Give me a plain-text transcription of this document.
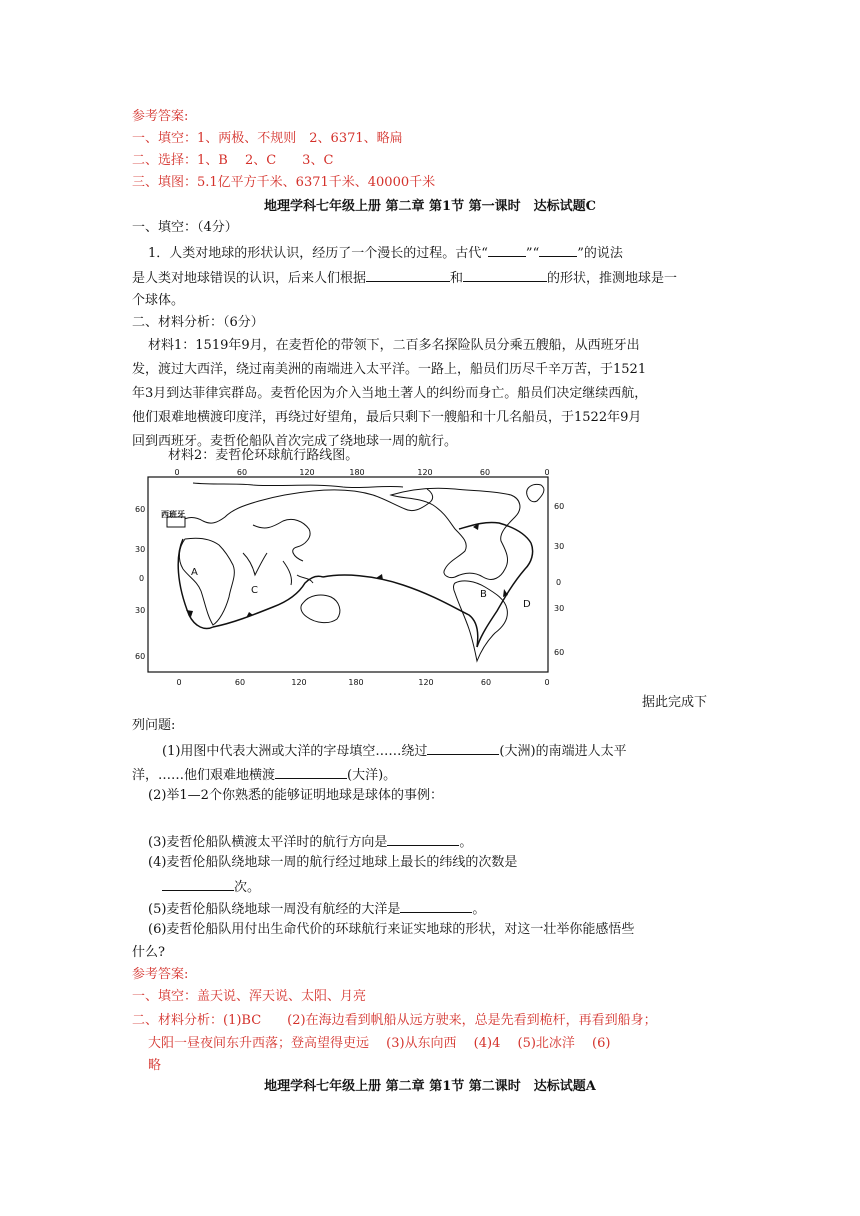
参考答案:
一、填空：1、两极、不规则　2、6371、略扁
二、选择：1、B　 2、C　　3、C
三、填图：5.1亿平方千米、6371千米、40000千米
地理学科七年级上册 第二章 第1节 第一课时　达标试题C
一、填空：（4分）
1．人类对地球的形状认识，经历了一个漫长的过程。古代“	”“	”的说法
是人类对地球错误的认识，后来人们根据	和	的形状，推测地球是一
个球体。
二、材料分析：（6分）
材料1：1519年9月，在麦哲伦的带领下，二百多名探险队员分乘五艘船，从西班牙出
发，渡过大西洋，绕过南美洲的南端进入太平洋。一路上，船员们历尽千辛万苦，于1521
年3月到达菲律宾群岛。麦哲伦因为介入当地土著人的纠纷而身亡。船员们决定继续西航，
他们艰难地横渡印度洋，再绕过好望角，最后只剩下一艘船和十几名船员，于1522年9月
回到西班牙。麦哲伦船队首次完成了绕地球一周的航行。
材料2：麦哲伦环球航行路线图。
0	60	120	180	120	60	0
0	60	120	180	120	60	0
60
30
0
30
60
60
30
0
30
60
西班牙
A
B
C
D
据此完成下
列问题:
(1)用图中代表大洲或大洋的字母填空……绕过	(大洲)的南端进人太平
洋，……他们艰难地横渡	(大洋)。
(2)举1—2个你熟悉的能够证明地球是球体的事例：
(3)麦哲伦船队横渡太平洋时的航行方向是	。
(4)麦哲伦船队绕地球一周的航行经过地球上最长的纬线的次数是
次。
(5)麦哲伦船队绕地球一周没有航经的大洋是	。
(6)麦哲伦船队用付出生命代价的环球航行来证实地球的形状，对这一壮举你能感悟些
什么?
参考答案:
一、填空：盖天说、浑天说、太阳、月亮
二、材料分析：(1)BC　　(2)在海边看到帆船从远方驶来，总是先看到桅杆，再看到船身；
大阳一昼夜间东升西落；登高望得吏远　 (3)从东向西　 (4)4　 (5)北冰洋　 (6)
略
地理学科七年级上册 第二章 第1节 第二课时　达标试题A
